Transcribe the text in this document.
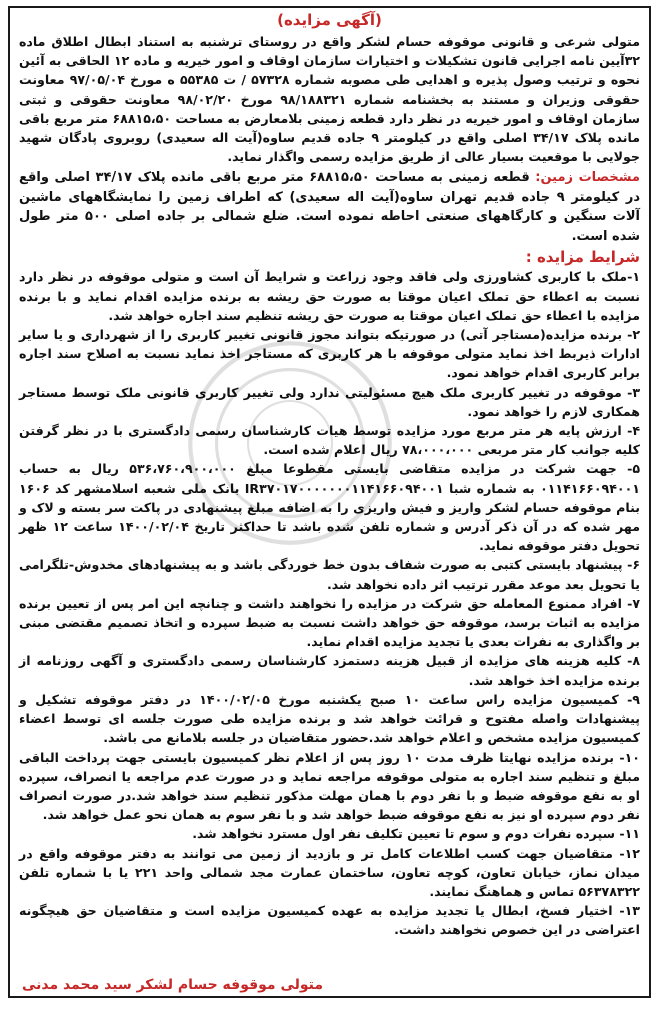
(آگهی مزایده)

متولی شرعی و قانونی موقوفه حسام لشکر واقع در روستای ترشنبه به استناد ابطال اطلاق ماده ۳۲آیین نامه اجرایی قانون تشکیلات و اختیارات سازمان اوقاف و امور خیریه و ماده ۱۲ الحاقی به آئین نحوه و ترتیب وصول پذیره و اهدایی طی مصوبه شماره ۵۷۳۲۸ / ت ۵۵۳۸۵ ه مورخ ۹۷/۰۵/۰۴ معاونت حقوقی وزیران و مستند به بخشنامه شماره ۹۸/۱۸۸۳۲۱ مورخ ۹۸/۰۲/۲۰ معاونت حقوقی و ثبتی سازمان اوقاف و امور خیریه در نظر دارد قطعه زمینی بلامعارض به مساحت ۶۸۸۱۵،۵۰ متر مربع باقی مانده پلاک ۳۴/۱۷ اصلی واقع در کیلومتر ۹ جاده قدیم ساوه(آیت اله سعیدی) روبروی پادگان شهید جولایی با موقعیت بسیار عالی از طریق مزایده رسمی واگذار نماید.

مشخصات زمین: قطعه زمینی به مساحت ۶۸۸۱۵،۵۰ متر مربع باقی مانده پلاک ۳۴/۱۷ اصلی واقع در کیلومتر ۹ جاده قدیم تهران ساوه(آیت اله سعیدی) که اطراف زمین را نمایشگاههای ماشین آلات سنگین و کارگاههای صنعتی احاطه نموده است. ضلع شمالی بر جاده اصلی ۵۰۰ متر طول شده است.

شرایط مزایده :

۱-ملک با کاربری کشاورزی ولی فاقد وجود زراعت و شرایط آن است و متولی موقوفه در نظر دارد نسبت به اعطاء حق تملک اعیان موقتا به صورت حق ریشه به برنده مزایده اقدام نماید و با برنده مزایده با اعطاء حق تملک اعیان موقتا به صورت حق ریشه تنظیم سند اجاره خواهد شد.

۲- برنده مزایده(مستاجر آتی) در صورتیکه بتواند مجوز قانونی تغییر کاربری را از شهرداری و یا سایر ادارات ذیربط اخذ نماید متولی موقوفه با هر کاربری که مستاجر اخذ نماید نسبت به اصلاح سند اجاره برابر کاربری اقدام خواهد نمود.

۳- موقوفه در تغییر کاربری ملک هیچ مسئولیتی ندارد ولی تغییر کاربری قانونی ملک توسط مستاجر همکاری لازم را خواهد نمود.

۴- ارزش پایه هر متر مربع مورد مزایده توسط هیات کارشناسان رسمی دادگستری با در نظر گرفتن کلیه جوانب کار متر مربعی ۷۸،۰۰۰،۰۰۰ ریال اعلام شده است.

۵- جهت شرکت در مزایده متقاضی بایستی مقطوعا مبلغ ۵۳۶،۷۶۰،۹۰۰،۰۰۰ ریال به حساب ۰۱۱۴۱۶۶۰۹۴۰۰۱ به شماره شبا IR۳۷۰۱۷۰۰۰۰۰۰۰۱۱۴۱۶۶۰۹۴۰۰۱ بانک ملی شعبه اسلامشهر کد ۱۶۰۶ بنام موقوفه حسام لشکر واریز و فیش واریزی را به اضافه مبلغ پیشنهادی در پاکت سر بسته و لاک و مهر شده که در آن ذکر آدرس و شماره تلفن شده باشد تا حداکثر تاریخ ۱۴۰۰/۰۲/۰۴ ساعت ۱۲ ظهر تحویل دفتر موقوفه نماید.

۶- پیشنهاد بایستی کتبی به صورت شفاف بدون خط خوردگی باشد و به پیشنهادهای مخدوش-تلگرامی یا تحویل بعد موعد مقرر ترتیب اثر داده نخواهد شد.

۷- افراد ممنوع المعامله حق شرکت در مزایده را نخواهند داشت و چنانچه این امر پس از تعیین برنده مزایده به اثبات برسد، موقوفه حق خواهد داشت نسبت به ضبط سپرده و اتخاذ تصمیم مقتضی مبنی بر واگذاری به نفرات بعدی یا تجدید مزایده اقدام نماید.

۸- کلیه هزینه های مزایده از قبیل هزینه دستمزد کارشناسان رسمی دادگستری و آگهی روزنامه از برنده مزایده اخذ خواهد شد.

۹- کمیسیون مزایده راس ساعت ۱۰ صبح یکشنبه مورخ ۱۴۰۰/۰۲/۰۵ در دفتر موقوفه تشکیل و پیشنهادات واصله مفتوح و قرائت خواهد شد و برنده مزایده طی صورت جلسه ای توسط اعضاء کمیسیون مزایده مشخص و اعلام خواهد شد.حضور متقاضیان در جلسه بلامانع می باشد.

۱۰- برنده مزایده نهایتا ظرف مدت ۱۰ روز پس از اعلام نظر کمیسیون بایستی جهت پرداخت الباقی مبلغ و تنظیم سند اجاره به متولی موقوفه مراجعه نماید و در صورت عدم مراجعه یا انصراف، سپرده او به نفع موقوفه ضبط و با نفر دوم با همان مهلت مذکور تنظیم سند خواهد شد.در صورت انصراف نفر دوم سپرده او نیز به نفع موقوفه ضبط خواهد شد و با نفر سوم به همان نحو عمل خواهد شد.

۱۱- سپرده نفرات دوم و سوم تا تعیین تکلیف نفر اول مسترد نخواهد شد.

۱۲- متقاضیان جهت کسب اطلاعات کامل تر و بازدید از زمین می توانند به دفتر موقوفه واقع در میدان نماز، خیابان تعاون، کوچه تعاون، ساختمان عمارت مجد شمالی واحد ۲۲۱ یا با شماره تلفن ۵۶۳۷۸۳۲۲ تماس و هماهنگ نمایند.

۱۳- اختیار فسخ، ابطال یا تجدید مزایده به عهده کمیسیون مزایده است و متقاضیان حق هیچگونه اعتراضی در این خصوص نخواهند داشت.

متولی موقوفه حسام لشکر سید محمد مدنی
